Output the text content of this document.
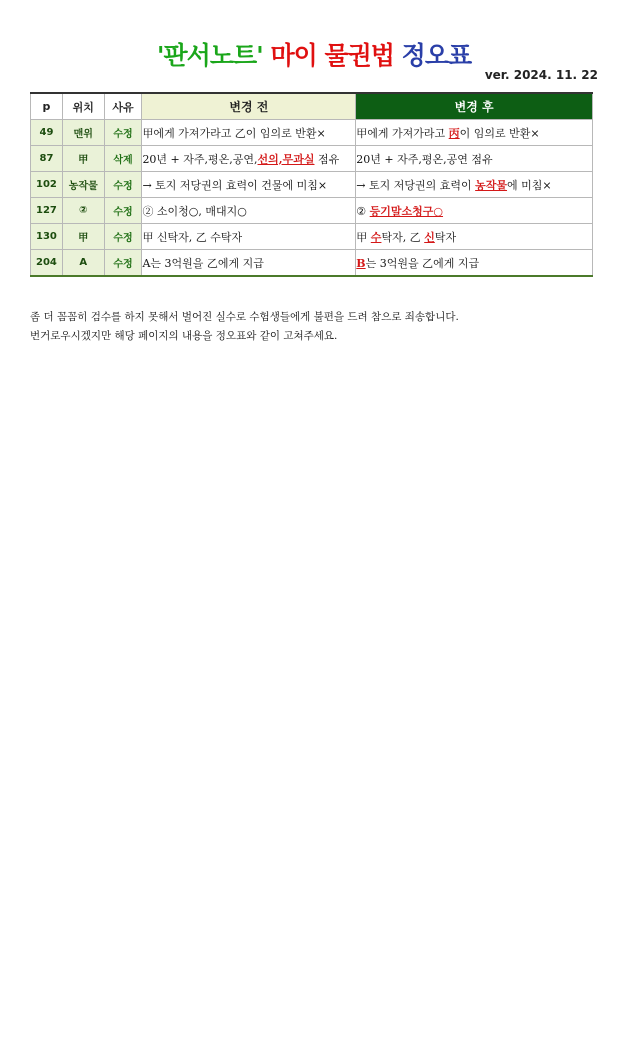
'판서노트' 마이 물권법 정오표
ver. 2024. 11. 22
p	위치	사유	변경 전	변경 후
49	맨위	수정	甲에게 가져가라고 乙이 임의로 반환×	甲에게 가져가라고 丙이 임의로 반환×
87	甲	삭제	20년 + 자주,평온,공연,선의,무과실 점유	20년 + 자주,평온,공연 점유
102	농작물	수정	→ 토지 저당권의 효력이 건물에 미침×	→ 토지 저당권의 효력이 농작물에 미침×
127	②	수정	② 소이청○, 매대지○	② 등기말소청구○
130	甲	수정	甲 신탁자, 乙 수탁자	甲 수탁자, 乙 신탁자
204	A	수정	A는 3억원을 乙에게 지급	B는 3억원을 乙에게 지급
좀 더 꼼꼼히 검수를 하지 못해서 벌어진 실수로 수험생들에게 불편을 드려 참으로 죄송합니다.
번거로우시겠지만 해당 페이지의 내용을 정오표와 같이 고쳐주세요.
